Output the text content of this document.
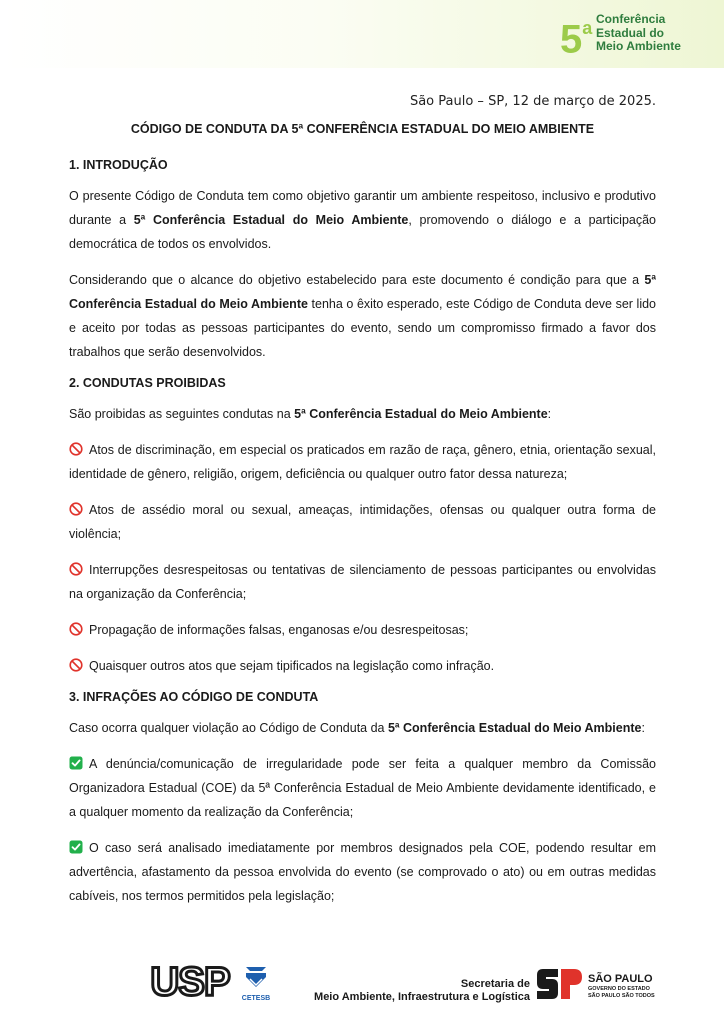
5$^a$ Conferência
Estadual do
Meio Ambiente
São Paulo – SP, 12 de março de 2025.
CÓDIGO DE CONDUTA DA 5ª CONFERÊNCIA ESTADUAL DO MEIO AMBIENTE
1. INTRODUÇÃO

O presente Código de Conduta tem como objetivo garantir um ambiente respeitoso, inclusivo e produtivo durante a 5ª Conferência Estadual do Meio Ambiente, promovendo o diálogo e a participação democrática de todos os envolvidos.

Considerando que o alcance do objetivo estabelecido para este documento é condição para que a 5ª Conferência Estadual do Meio Ambiente tenha o êxito esperado, este Código de Conduta deve ser lido e aceito por todas as pessoas participantes do evento, sendo um compromisso firmado a favor dos trabalhos que serão desenvolvidos.

2. CONDUTAS PROIBIDAS

São proibidas as seguintes condutas na 5ª Conferência Estadual do Meio Ambiente:

Atos de discriminação, em especial os praticados em razão de raça, gênero, etnia, orientação sexual, identidade de gênero, religião, origem, deficiência ou qualquer outro fator dessa natureza;
Atos de assédio moral ou sexual, ameaças, intimidações, ofensas ou qualquer outra forma de violência;
Interrupções desrespeitosas ou tentativas de silenciamento de pessoas participantes ou envolvidas na organização da Conferência;
Propagação de informações falsas, enganosas e/ou desrespeitosas;
Quaisquer outros atos que sejam tipificados na legislação como infração.
3. INFRAÇÕES AO CÓDIGO DE CONDUTA

Caso ocorra qualquer violação ao Código de Conduta da 5ª Conferência Estadual do Meio Ambiente:

A denúncia/comunicação de irregularidade pode ser feita a qualquer membro da Comissão Organizadora Estadual (COE) da 5ª Conferência Estadual de Meio Ambiente devidamente identificado, e a qualquer momento da realização da Conferência;
O caso será analisado imediatamente por membros designados pela COE, podendo resultar em advertência, afastamento da pessoa envolvida do evento (se comprovado o ato) ou em outras medidas cabíveis, nos termos permitidos pela legislação;
USP CETESB
Secretaria de
Meio Ambiente, Infraestrutura e Logística
SÃO PAULO
GOVERNO DO ESTADO
SÃO PAULO SÃO TODOS
